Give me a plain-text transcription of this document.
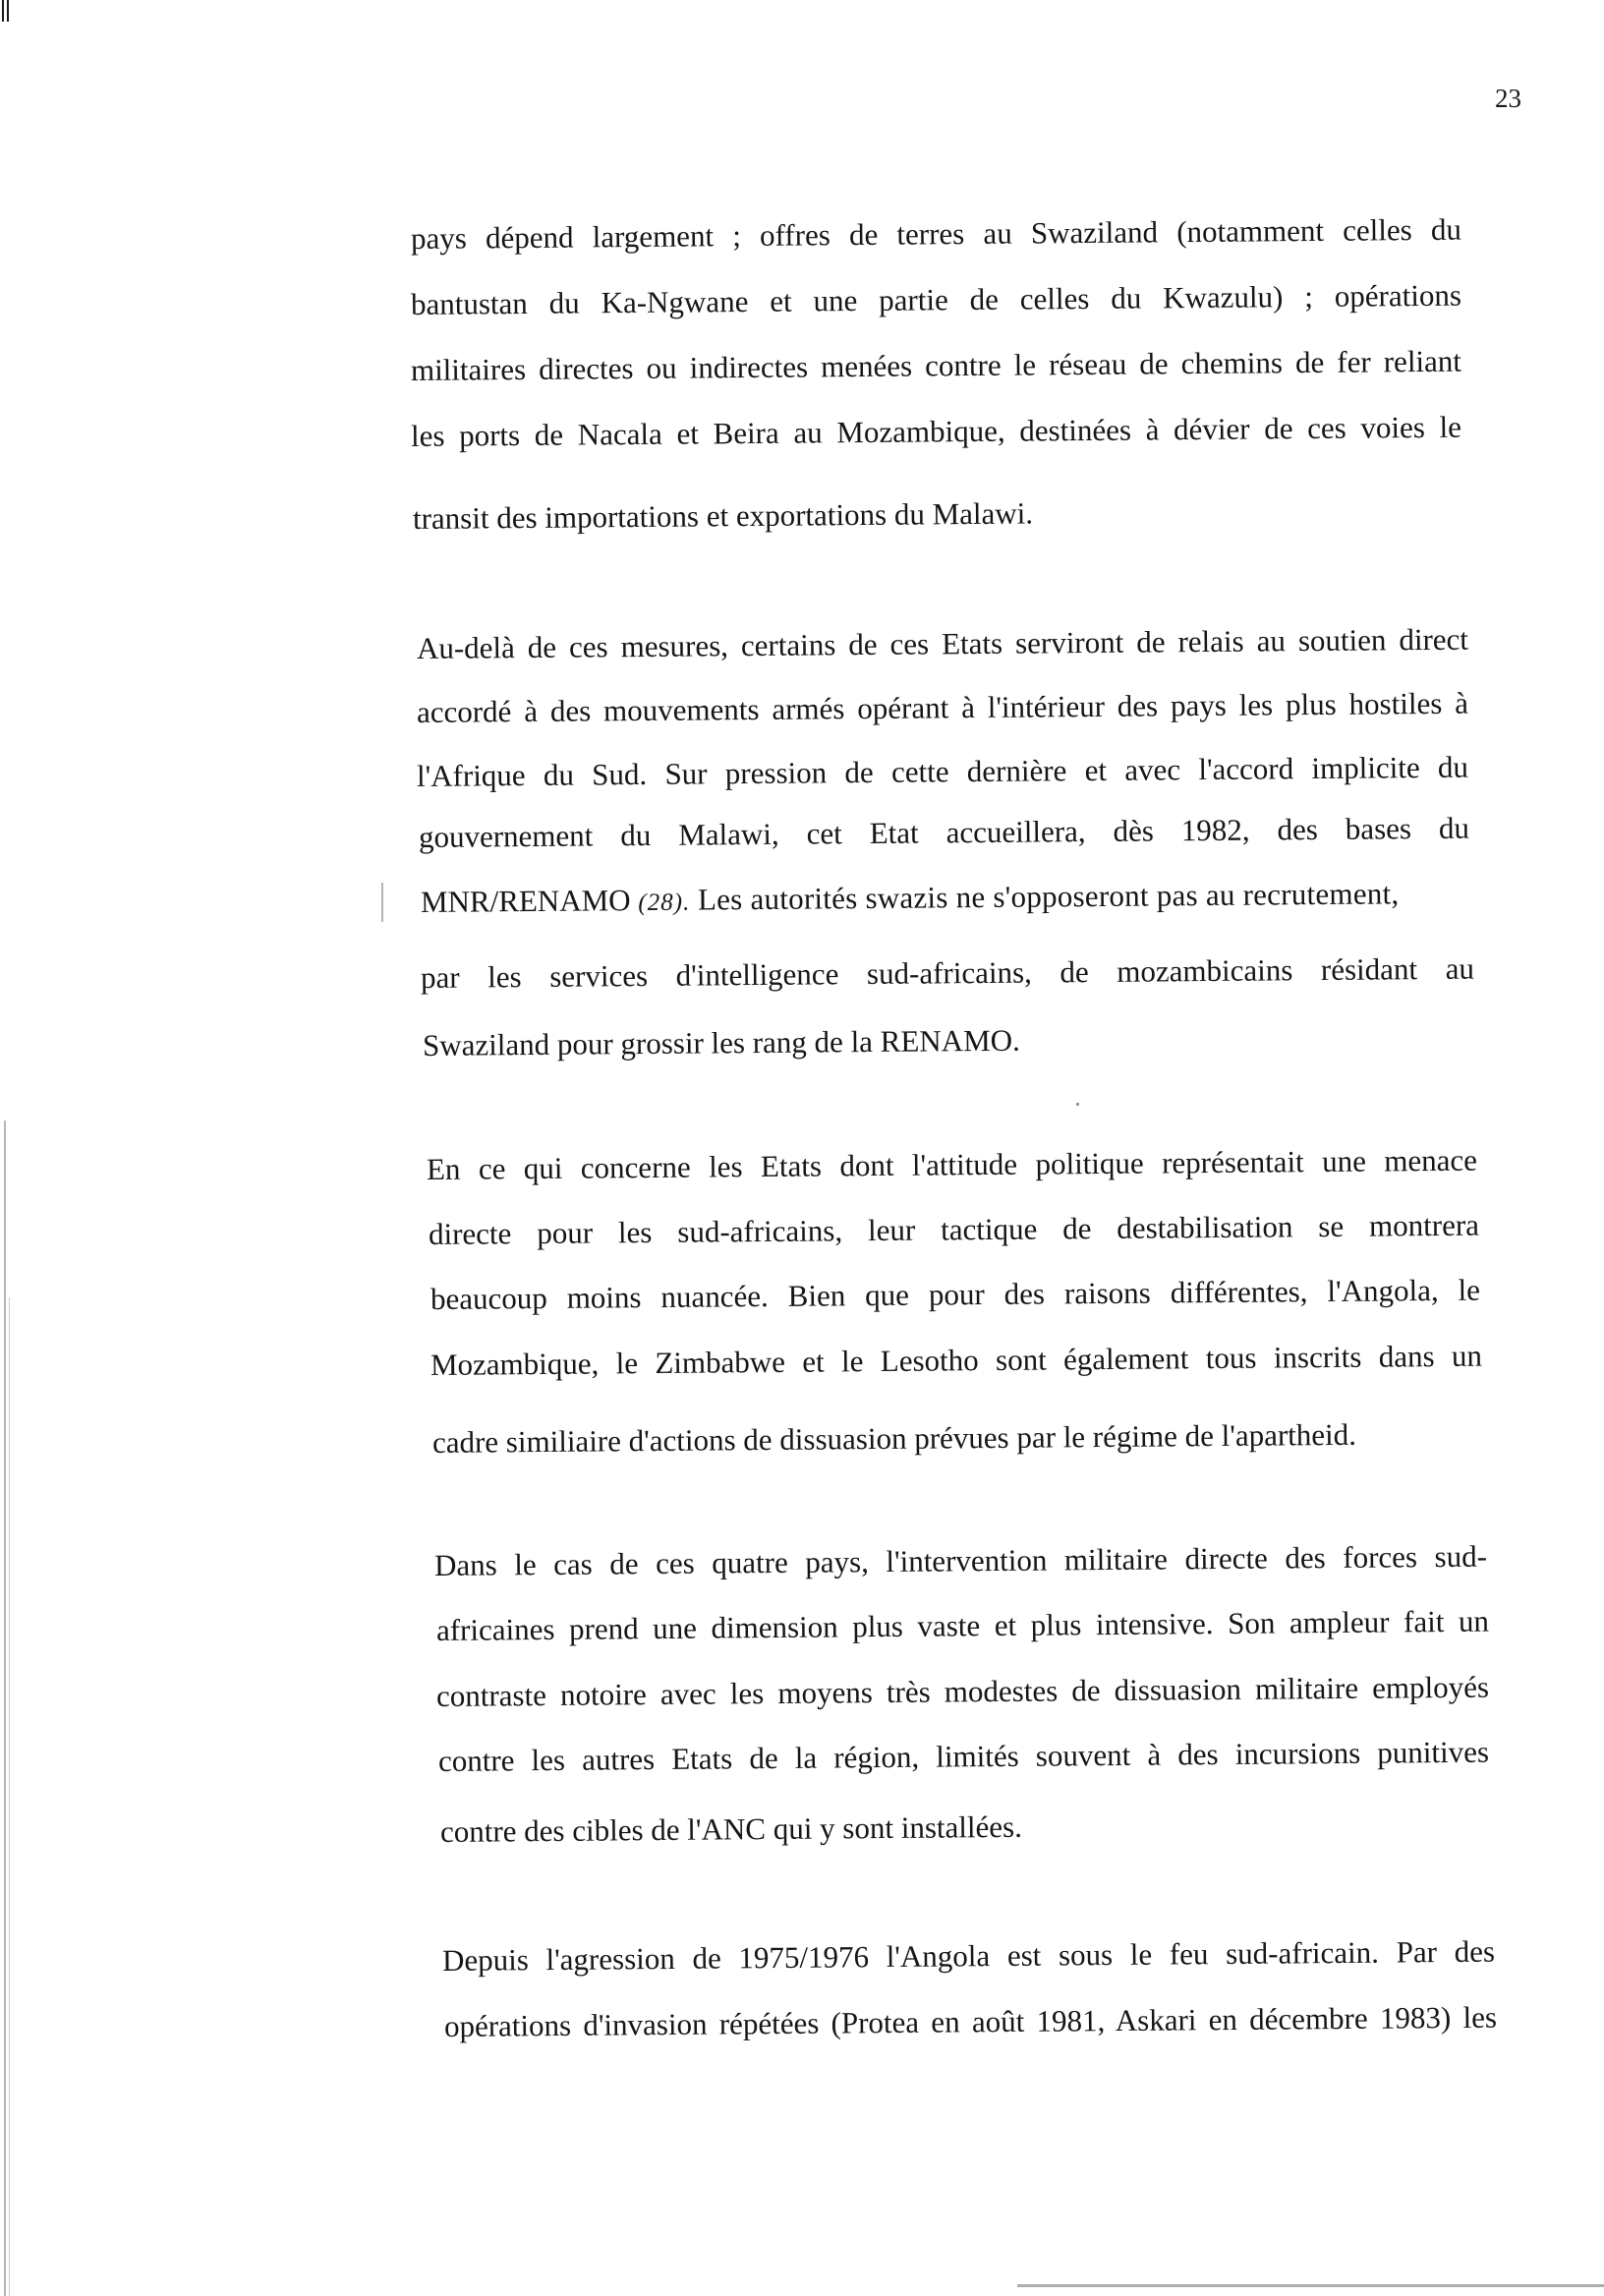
23
pays dépend largement ; offres de terres au Swaziland (notamment celles du
bantustan du Ka-Ngwane et une partie de celles du Kwazulu) ; opérations
militaires directes ou indirectes menées contre le réseau de chemins de fer reliant
les ports de Nacala et Beira au Mozambique, destinées à dévier de ces voies le
transit des importations et exportations du Malawi.
Au-delà de ces mesures, certains de ces Etats serviront de relais au soutien direct
accordé à des mouvements armés opérant à l'intérieur des pays les plus hostiles à
l'Afrique du Sud. Sur pression de cette dernière et avec l'accord implicite du
gouvernement du Malawi, cet Etat accueillera, dès 1982, des bases du
MNR/RENAMO (28). Les autorités swazis ne s'opposeront pas au recrutement,
par les services d'intelligence sud-africains, de mozambicains résidant au
Swaziland pour grossir les rang de la RENAMO.
En ce qui concerne les Etats dont l'attitude politique représentait une menace
directe pour les sud-africains, leur tactique de destabilisation se montrera
beaucoup moins nuancée. Bien que pour des raisons différentes, l'Angola, le
Mozambique, le Zimbabwe et le Lesotho sont également tous inscrits dans un
cadre similiaire d'actions de dissuasion prévues par le régime de l'apartheid.
Dans le cas de ces quatre pays, l'intervention militaire directe des forces sud-
africaines prend une dimension plus vaste et plus intensive. Son ampleur fait un
contraste notoire avec les moyens très modestes de dissuasion militaire employés
contre les autres Etats de la région, limités souvent à des incursions punitives
contre des cibles de l'ANC qui y sont installées.
Depuis l'agression de 1975/1976 l'Angola est sous le feu sud-africain. Par des
opérations d'invasion répétées (Protea en août 1981, Askari en décembre 1983) les
